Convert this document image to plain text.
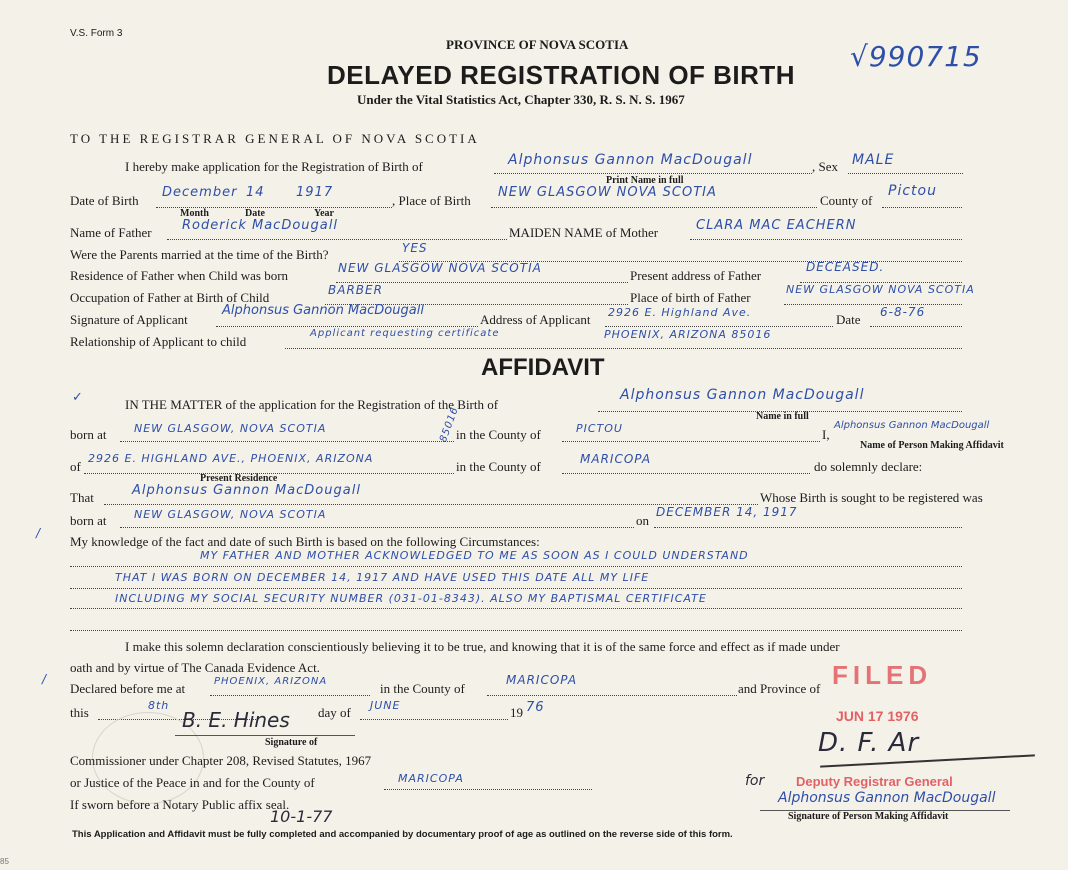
V.S. Form 3
PROVINCE OF NOVA SCOTIA
DELAYED REGISTRATION OF BIRTH
Under the Vital Statistics Act, Chapter 330, R. S. N. S. 1967
√990715
TO THE REGISTRAR GENERAL OF NOVA SCOTIA
I hereby make application for the Registration of Birth of	Alphonsus Gannon MacDougall
Print Name in full
, Sex MALE
Date of Birth
December 14 1917
Month	Date	Year
, Place of Birth
NEW GLASGOW NOVA SCOTIA
County of
Pictou
Name of Father Roderick MacDougall	MAIDEN NAME of Mother	CLARA MAC EACHERN
Were the Parents married at the time of the Birth?	YES
Residence of Father when Child was born	NEW GLASGOW NOVA SCOTIA	Present address of Father
DECEASED.
Occupation of Father at Birth of Child	BARBER	Place of birth of Father
NEW GLASGOW NOVA SCOTIA
Signature of Applicant
Alphonsus Gannon MacDougall
Address of Applicant 2926 E. Highland Ave.	Date 6-8-76
Relationship of Applicant to child
Applicant requesting certificate	PHOENIX, ARIZONA 85016
AFFIDAVIT
✓	IN THE MATTER of the application for the Registration of the Birth of
Alphonsus Gannon MacDougall
Name in full
born at	NEW GLASGOW, NOVA SCOTIA	in the County of	PICTOU	I,
Alphonsus Gannon MacDougall
Name of Person Making Affidavit
of
2926 E. HIGHLAND AVE., PHOENIX, ARIZONA
85016
Present Residence
in the County of	MARICOPA	do solemnly declare:
That	Alphonsus Gannon MacDougall	Whose Birth is sought to be registered was
born at	NEW GLASGOW, NOVA SCOTIA	on
DECEMBER 14, 1917
/
My knowledge of the fact and date of such Birth is based on the following Circumstances:
MY FATHER AND MOTHER ACKNOWLEDGED TO ME AS SOON AS I COULD UNDERSTAND
THAT I WAS BORN ON DECEMBER 14, 1917 AND HAVE USED THIS DATE ALL MY LIFE
INCLUDING MY SOCIAL SECURITY NUMBER (031-01-8343). ALSO MY BAPTISMAL CERTIFICATE
I make this solemn declaration conscientiously believing it to be true, and knowing that it is of the same force and effect as if made under
oath and by virtue of The Canada Evidence Act.
/
Declared before me at	PHOENIX, ARIZONA	in the County of
MARICOPA
and Province of
this	8th	day of JUNE	19 76
B. E. Hines
Signature of
Commissioner under Chapter 208, Revised Statutes, 1967
or Justice of the Peace in and for the County of	MARICOPA
If sworn before a Notary Public affix seal.
10-1-77
FILED
JUN 17 1976
D. F. Ar
for Deputy Registrar General
Alphonsus Gannon MacDougall
Signature of Person Making Affidavit
This Application and Affidavit must be fully completed and accompanied by documentary proof of age as outlined on the reverse side of this form.
85
